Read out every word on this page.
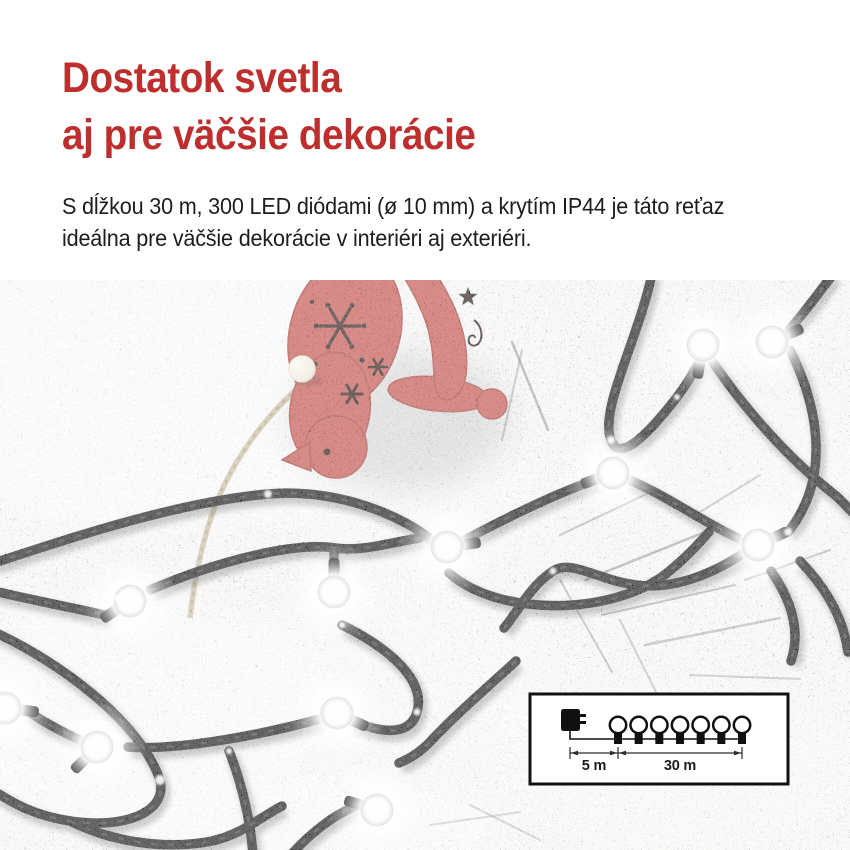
Dostatok svetla
aj pre väčšie dekorácie

S dĺžkou 30 m, 300 LED diódami (ø 10 mm) a krytím IP44 je táto reťaz
ideálna pre väčšie dekorácie v interiéri aj exteriéri.

5 m	30 m
